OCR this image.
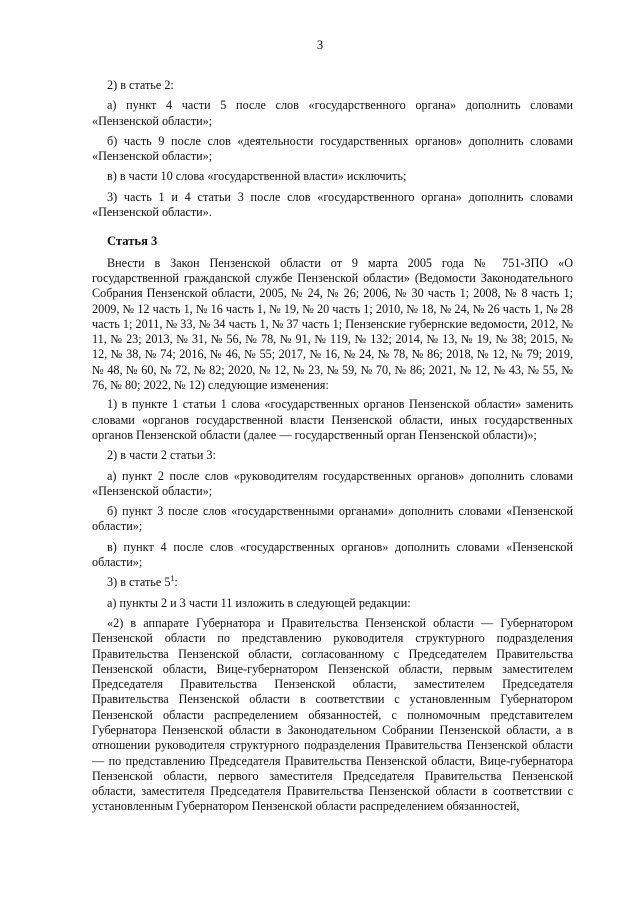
3

2) в статье 2:

а) пункт 4 части 5 после слов «государственного органа» дополнить словами «Пензенской области»;

б) часть 9 после слов «деятельности государственных органов» дополнить словами «Пензенской области»;

в) в части 10 слова «государственной власти» исключить;

3) часть 1 и 4 статьи 3 после слов «государственного органа» дополнить словами «Пензенской области».

Статья 3

Внести в Закон Пензенской области от 9 марта 2005 года № 751-ЗПО «О государственной гражданской службе Пензенской области» (Ведомости Законодательного Собрания Пензенской области, 2005, № 24, № 26; 2006, № 30 часть 1; 2008, № 8 часть 1; 2009, № 12 часть 1, № 16 часть 1, № 19, № 20 часть 1; 2010, № 18, № 24, № 26 часть 1, № 28 часть 1; 2011, № 33, № 34 часть 1, № 37 часть 1; Пензенские губернские ведомости, 2012, № 11, № 23; 2013, № 31, № 56, № 78, № 91, № 119, № 132; 2014, № 13, № 19, № 38; 2015, № 12, № 38, № 74; 2016, № 46, № 55; 2017, № 16, № 24, № 78, № 86; 2018, № 12, № 79; 2019, № 48, № 60, № 72, № 82; 2020, № 12, № 23, № 59, № 70, № 86; 2021, № 12, № 43, № 55, № 76, № 80; 2022, № 12) следующие изменения:

1) в пункте 1 статьи 1 слова «государственных органов Пензенской области» заменить словами «органов государственной власти Пензенской области, иных государственных органов Пензенской области (далее — государственный орган Пензенской области)»;

2) в части 2 статьи 3:

а) пункт 2 после слов «руководителям государственных органов» дополнить словами «Пензенской области»;

б) пункт 3 после слов «государственными органами» дополнить словами «Пензенской области»;

в) пункт 4 после слов «государственных органов» дополнить словами «Пензенской области»;

3) в статье $5^1$:

а) пункты 2 и 3 части 11 изложить в следующей редакции:

«2) в аппарате Губернатора и Правительства Пензенской области — Губернатором Пензенской области по представлению руководителя структурного подразделения Правительства Пензенской области, согласованному с Председателем Правительства Пензенской области, Вице-губернатором Пензенской области, первым заместителем Председателя Правительства Пензенской области, заместителем Председателя Правительства Пензенской области в соответствии с установленным Губернатором Пензенской области распределением обязанностей, с полномочным представителем Губернатора Пензенской области в Законодательном Собрании Пензенской области, а в отношении руководителя структурного подразделения Правительства Пензенской области — по представлению Председателя Правительства Пензенской области, Вице-губернатора Пензенской области, первого заместителя Председателя Правительства Пензенской области, заместителя Председателя Правительства Пензенской области в соответствии с установленным Губернатором Пензенской области распределением обязанностей,
